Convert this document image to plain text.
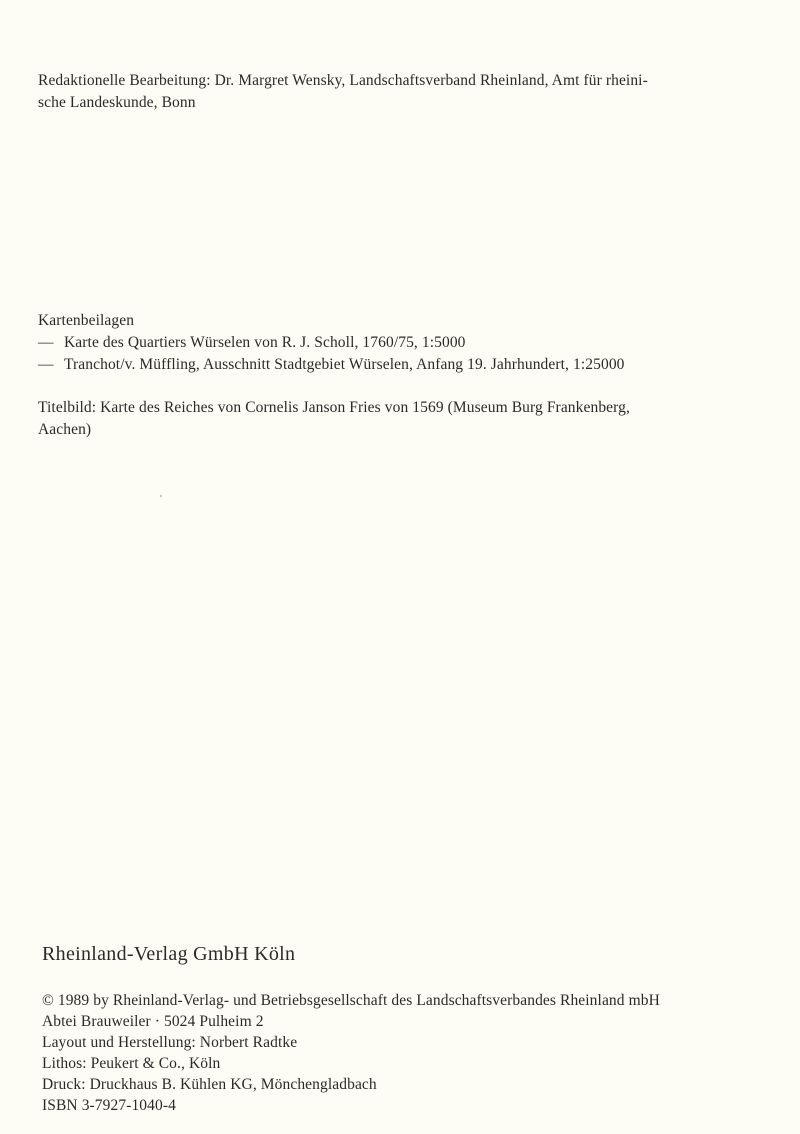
Redaktionelle Bearbeitung: Dr. Margret Wensky, Landschaftsverband Rheinland, Amt für rheini-
sche Landeskunde, Bonn
Kartenbeilagen
— Karte des Quartiers Würselen von R. J. Scholl, 1760/75, 1:5000
— Tranchot/v. Müffling, Ausschnitt Stadtgebiet Würselen, Anfang 19. Jahrhundert, 1:25000
Titelbild: Karte des Reiches von Cornelis Janson Fries von 1569 (Museum Burg Frankenberg,
Aachen)
Rheinland-Verlag GmbH Köln
© 1989 by Rheinland-Verlag- und Betriebsgesellschaft des Landschaftsverbandes Rheinland mbH
Abtei Brauweiler · 5024 Pulheim 2
Layout und Herstellung: Norbert Radtke
Lithos: Peukert & Co., Köln
Druck: Druckhaus B. Kühlen KG, Mönchengladbach
ISBN 3-7927-1040-4
